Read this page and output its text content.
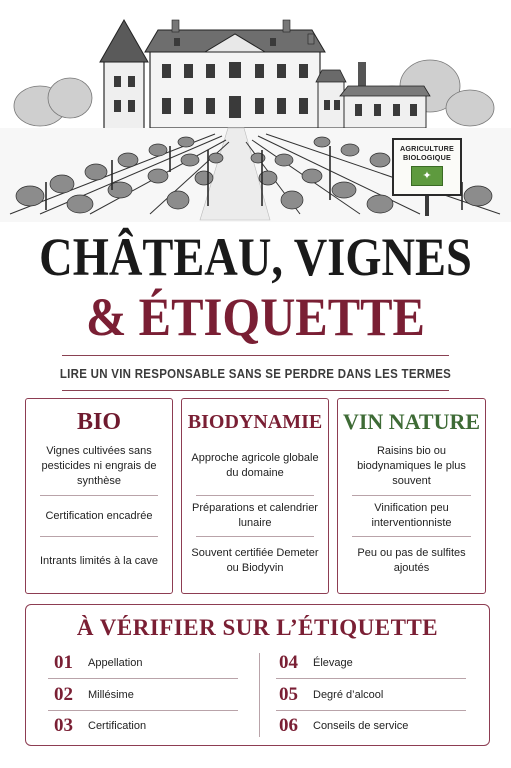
AGRICULTURE
BIOLOGIQUE
✦
CHÂTEAU, VIGNES
& ÉTIQUETTE
LIRE UN VIN RESPONSABLE SANS SE PERDRE DANS LES TERMES
BIO
Vignes cultivées sans pesticides ni engrais de synthèse
Certification encadrée
Intrants limités à la cave
BIODYNAMIE
Approche agricole globale du domaine
Préparations et calendrier lunaire
Souvent certifiée Demeter ou Biodyvin
VIN NATURE
Raisins bio ou biodynamiques le plus souvent
Vinification peu interventionniste
Peu ou pas de sulfites ajoutés
À VÉRIFIER SUR L’ÉTIQUETTE
01	Appellation
02	Millésime
03	Certification
04	Élevage
05	Degré d’alcool
06	Conseils de service
